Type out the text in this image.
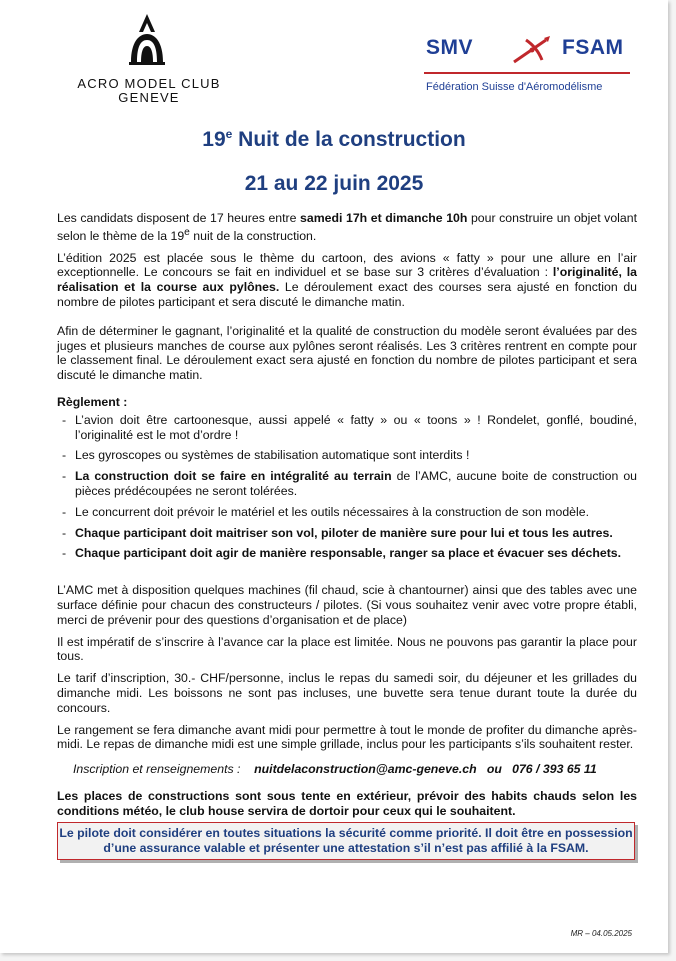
ACRO MODEL CLUB
GENEVE
SMV	FSAM
Fédération Suisse d'Aéromodélisme
19e Nuit de la construction
21 au 22 juin 2025

Les candidats disposent de 17 heures entre samedi 17h et dimanche 10h pour construire un objet volant selon le thème de la 19e nuit de la construction.

L’édition 2025 est placée sous le thème du cartoon, des avions « fatty » pour une allure en l’air exceptionnelle. Le concours se fait en individuel et se base sur 3 critères d’évaluation : l’originalité, la réalisation et la course aux pylônes. Le déroulement exact des courses sera ajusté en fonction du nombre de pilotes participant et sera discuté le dimanche matin.

Afin de déterminer le gagnant, l’originalité et la qualité de construction du modèle seront évaluées par des juges et plusieurs manches de course aux pylônes seront réalisés. Les 3 critères rentrent en compte pour le classement final. Le déroulement exact sera ajusté en fonction du nombre de pilotes participant et sera discuté le dimanche matin.

Règlement :
- L’avion doit être cartoonesque, aussi appelé « fatty » ou « toons » ! Rondelet, gonflé, boudiné, l’originalité est le mot d’ordre !
- Les gyroscopes ou systèmes de stabilisation automatique sont interdits !
- La construction doit se faire en intégralité au terrain de l’AMC, aucune boite de construction ou pièces prédécoupées ne seront tolérées.
- Le concurrent doit prévoir le matériel et les outils nécessaires à la construction de son modèle.
- Chaque participant doit maitriser son vol, piloter de manière sure pour lui et tous les autres.
- Chaque participant doit agir de manière responsable, ranger sa place et évacuer ses déchets.

L’AMC met à disposition quelques machines (fil chaud, scie à chantourner) ainsi que des tables avec une surface définie pour chacun des constructeurs / pilotes. (Si vous souhaitez venir avec votre propre établi, merci de prévenir pour des questions d’organisation et de place)

Il est impératif de s’inscrire à l’avance car la place est limitée. Nous ne pouvons pas garantir la place pour tous.

Le tarif d’inscription, 30.- CHF/personne, inclus le repas du samedi soir, du déjeuner et les grillades du dimanche midi. Les boissons ne sont pas incluses, une buvette sera tenue durant toute la durée du concours.

Le rangement se fera dimanche avant midi pour permettre à tout le monde de profiter du dimanche après-midi. Le repas de dimanche midi est une simple grillade, inclus pour les participants s’ils souhaitent rester.

Inscription et renseignements : nuitdelaconstruction@amc-geneve.ch ou 076 / 393 65 11

Les places de constructions sont sous tente en extérieur, prévoir des habits chauds selon les conditions météo, le club house servira de dortoir pour ceux qui le souhaitent.

Le pilote doit considérer en toutes situations la sécurité comme priorité. Il doit être en possession d’une assurance valable et présenter une attestation s’il n’est pas affilié à la FSAM.
MR – 04.05.2025
